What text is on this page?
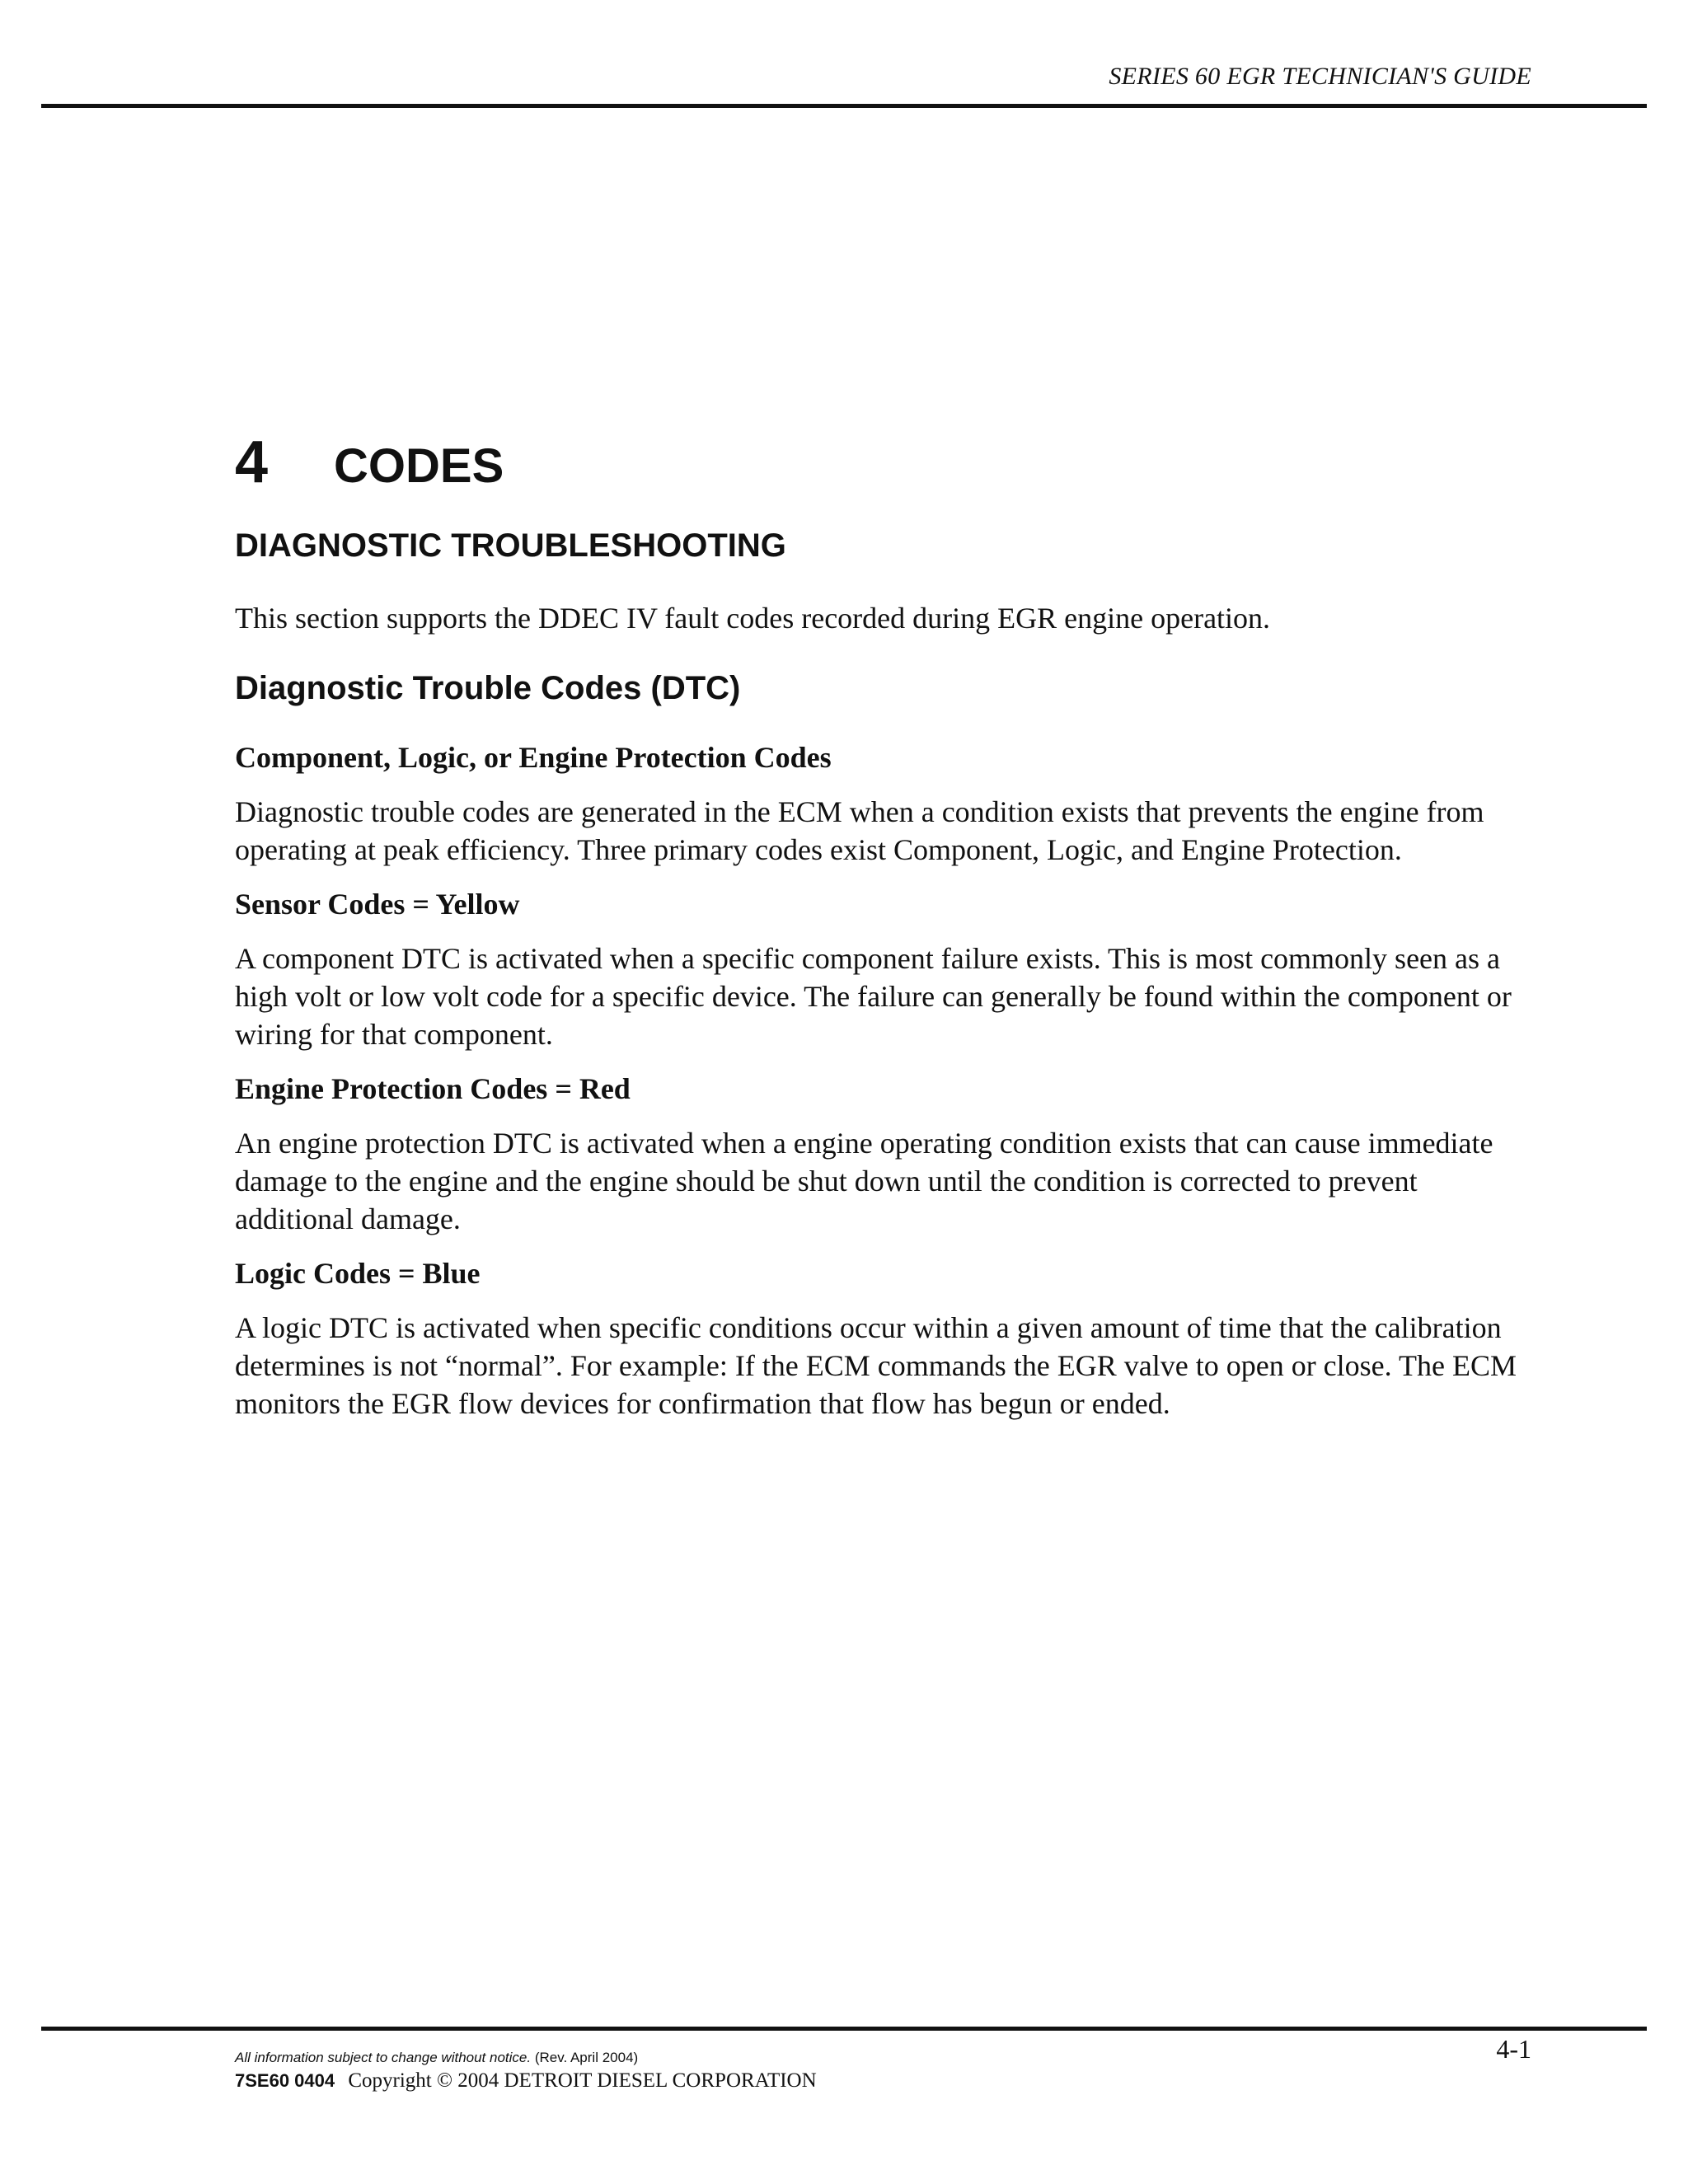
SERIES 60 EGR TECHNICIAN'S GUIDE
4	CODES
DIAGNOSTIC TROUBLESHOOTING

This section supports the DDEC IV fault codes recorded during EGR engine operation.

Diagnostic Trouble Codes (DTC)
Component, Logic, or Engine Protection Codes

Diagnostic trouble codes are generated in the ECM when a condition exists that prevents the engine from operating at peak efficiency. Three primary codes exist Component, Logic, and Engine Protection.

Sensor Codes = Yellow

A component DTC is activated when a specific component failure exists. This is most commonly seen as a high volt or low volt code for a specific device. The failure can generally be found within the component or wiring for that component.

Engine Protection Codes = Red

An engine protection DTC is activated when a engine operating condition exists that can cause immediate damage to the engine and the engine should be shut down until the condition is corrected to prevent additional damage.

Logic Codes = Blue

A logic DTC is activated when specific conditions occur within a given amount of time that the calibration determines is not “normal”. For example: If the ECM commands the EGR valve to open or close. The ECM monitors the EGR flow devices for confirmation that flow has begun or ended.

All information subject to change without notice. (Rev. April 2004)
7SE60 0404 Copyright © 2004 DETROIT DIESEL CORPORATION
4-1
